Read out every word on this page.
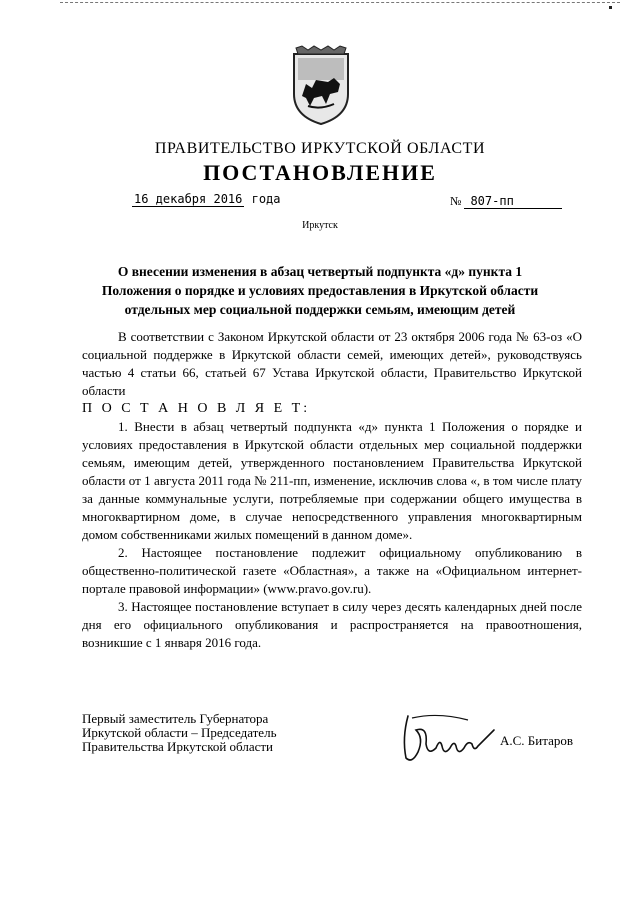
ПРАВИТЕЛЬСТВО ИРКУТСКОЙ ОБЛАСТИ
ПОСТАНОВЛЕНИЕ
16 декабря 2016 года	№ 807-пп
Иркутск
О внесении изменения в абзац четвертый подпункта «д» пункта 1
Положения о порядке и условиях предоставления в Иркутской области
отдельных мер социальной поддержки семьям, имеющим детей

В соответствии с Законом Иркутской области от 23 октября 2006 года № 63-оз «О социальной поддержке в Иркутской области семей, имеющих детей», руководствуясь частью 4 статьи 66, статьей 67 Устава Иркутской области, Правительство Иркутской области

П О С Т А Н О В Л Я Е Т:

1. Внести в абзац четвертый подпункта «д» пункта 1 Положения о порядке и условиях предоставления в Иркутской области отдельных мер социальной поддержки семьям, имеющим детей, утвержденного постановлением Правительства Иркутской области от 1 августа 2011 года № 211-пп, изменение, исключив слова «, в том числе плату за данные коммунальные услуги, потребляемые при содержании общего имущества в многоквартирном доме, в случае непосредственного управления многоквартирным домом собственниками жилых помещений в данном доме».

2. Настоящее постановление подлежит официальному опубликованию в общественно-политической газете «Областная», а также на «Официальном интернет-портале правовой информации» (www.pravo.gov.ru).

3. Настоящее постановление вступает в силу через десять календарных дней после дня его официального опубликования и распространяется на правоотношения, возникшие с 1 января 2016 года.

Первый заместитель Губернатора
Иркутской области – Председатель
Правительства Иркутской области	А.С. Битаров
